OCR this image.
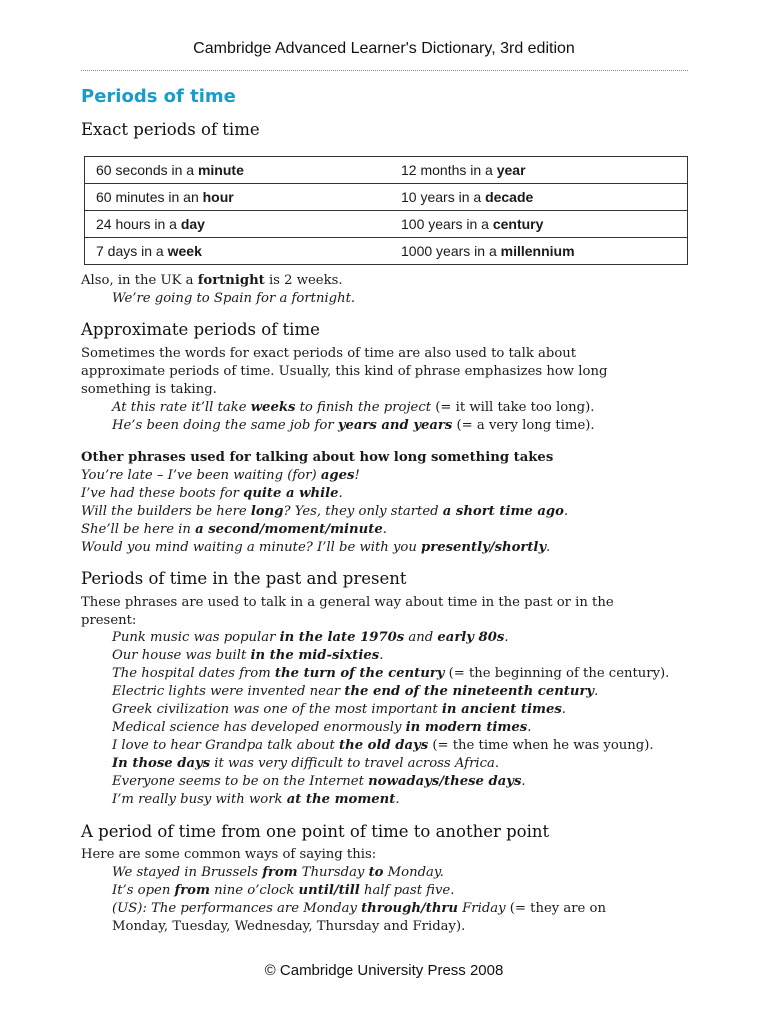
Cambridge Advanced Learner's Dictionary, 3rd edition
Periods of time
Exact periods of time
60 seconds in a minute	12 months in a year
60 minutes in an hour	10 years in a decade
24 hours in a day	100 years in a century
7 days in a week	1000 years in a millennium
Also, in the UK a fortnight is 2 weeks.
We’re going to Spain for a fortnight.
Approximate periods of time
Sometimes the words for exact periods of time are also used to talk about
approximate periods of time. Usually, this kind of phrase emphasizes how long
something is taking.
At this rate it’ll take weeks to finish the project (= it will take too long).
He’s been doing the same job for years and years (= a very long time).
Other phrases used for talking about how long something takes
You’re late – I’ve been waiting (for) ages!
I’ve had these boots for quite a while.
Will the builders be here long? Yes, they only started a short time ago.
She’ll be here in a second/moment/minute.
Would you mind waiting a minute? I’ll be with you presently/shortly.
Periods of time in the past and present
These phrases are used to talk in a general way about time in the past or in the
present:
Punk music was popular in the late 1970s and early 80s.
Our house was built in the mid-sixties.
The hospital dates from the turn of the century (= the beginning of the century).
Electric lights were invented near the end of the nineteenth century.
Greek civilization was one of the most important in ancient times.
Medical science has developed enormously in modern times.
I love to hear Grandpa talk about the old days (= the time when he was young).
In those days it was very difficult to travel across Africa.
Everyone seems to be on the Internet nowadays/these days.
I’m really busy with work at the moment.
A period of time from one point of time to another point
Here are some common ways of saying this:
We stayed in Brussels from Thursday to Monday.
It’s open from nine o’clock until/till half past five.
(US): The performances are Monday through/thru Friday (= they are on
Monday, Tuesday, Wednesday, Thursday and Friday).
© Cambridge University Press 2008
